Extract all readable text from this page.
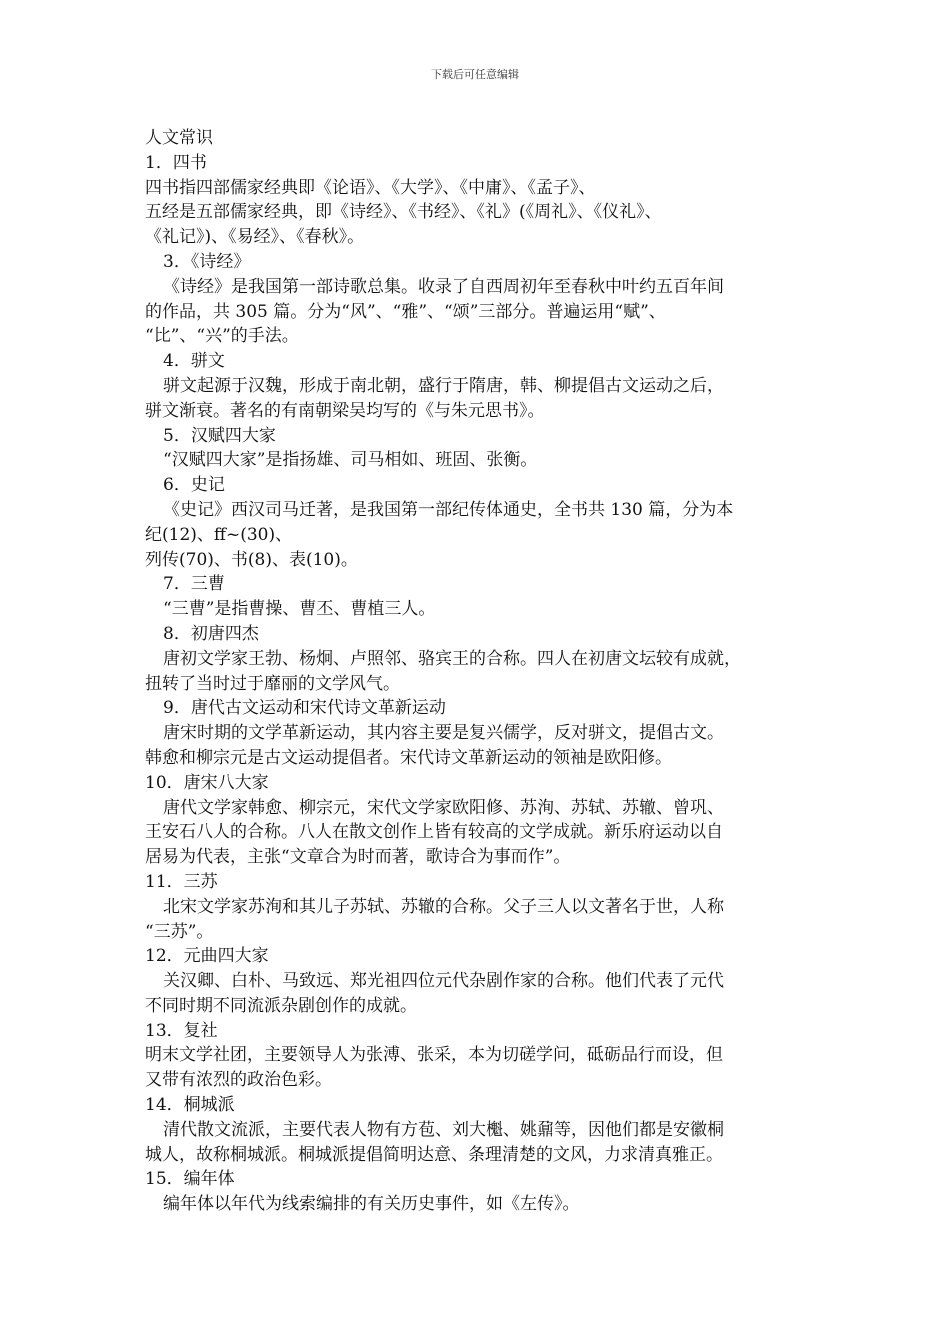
下载后可任意编辑
人文常识
1．四书
四书指四部儒家经典即《论语》、《大学》、《中庸》、《孟子》、
五经是五部儒家经典，即《诗经》、《书经》、《礼》(《周礼》、《仪礼》、
《礼记》)、《易经》、《春秋》。
3．《诗经》
《诗经》是我国第一部诗歌总集。收录了自西周初年至春秋中叶约五百年间
的作品，共 305 篇。分为“风”、“雅”、“颂”三部分。普遍运用“赋”、
“比”、“兴”的手法。
4．骈文
骈文起源于汉魏，形成于南北朝，盛行于隋唐，韩、柳提倡古文运动之后，
骈文渐衰。著名的有南朝梁吴均写的《与朱元思书》。
5．汉赋四大家
“汉赋四大家”是指扬雄、司马相如、班固、张衡。
6．史记
《史记》西汉司马迁著，是我国第一部纪传体通史，全书共 130 篇，分为本
纪(12)、ff~(30)、
列传(70)、书(8)、表(10)。
7．三曹
“三曹”是指曹操、曹丕、曹植三人。
8．初唐四杰
唐初文学家王勃、杨炯、卢照邻、骆宾王的合称。四人在初唐文坛较有成就，
扭转了当时过于靡丽的文学风气。
9．唐代古文运动和宋代诗文革新运动
唐宋时期的文学革新运动，其内容主要是复兴儒学，反对骈文，提倡古文。
韩愈和柳宗元是古文运动提倡者。宋代诗文革新运动的领袖是欧阳修。
10．唐宋八大家
唐代文学家韩愈、柳宗元，宋代文学家欧阳修、苏洵、苏轼、苏辙、曾巩、
王安石八人的合称。八人在散文创作上皆有较高的文学成就。新乐府运动以自
居易为代表，主张“文章合为时而著，歌诗合为事而作”。
11．三苏
北宋文学家苏洵和其儿子苏轼、苏辙的合称。父子三人以文著名于世，人称
“三苏”。
12．元曲四大家
关汉卿、白朴、马致远、郑光祖四位元代杂剧作家的合称。他们代表了元代
不同时期不同流派杂剧创作的成就。
13．复社
明末文学社团，主要领导人为张溥、张采，本为切磋学问，砥砺品行而设，但
又带有浓烈的政治色彩。
14．桐城派
清代散文流派，主要代表人物有方苞、刘大櫆、姚鼐等，因他们都是安徽桐
城人，故称桐城派。桐城派提倡简明达意、条理清楚的文风，力求清真雅正。
15．编年体
编年体以年代为线索编排的有关历史事件，如《左传》。
